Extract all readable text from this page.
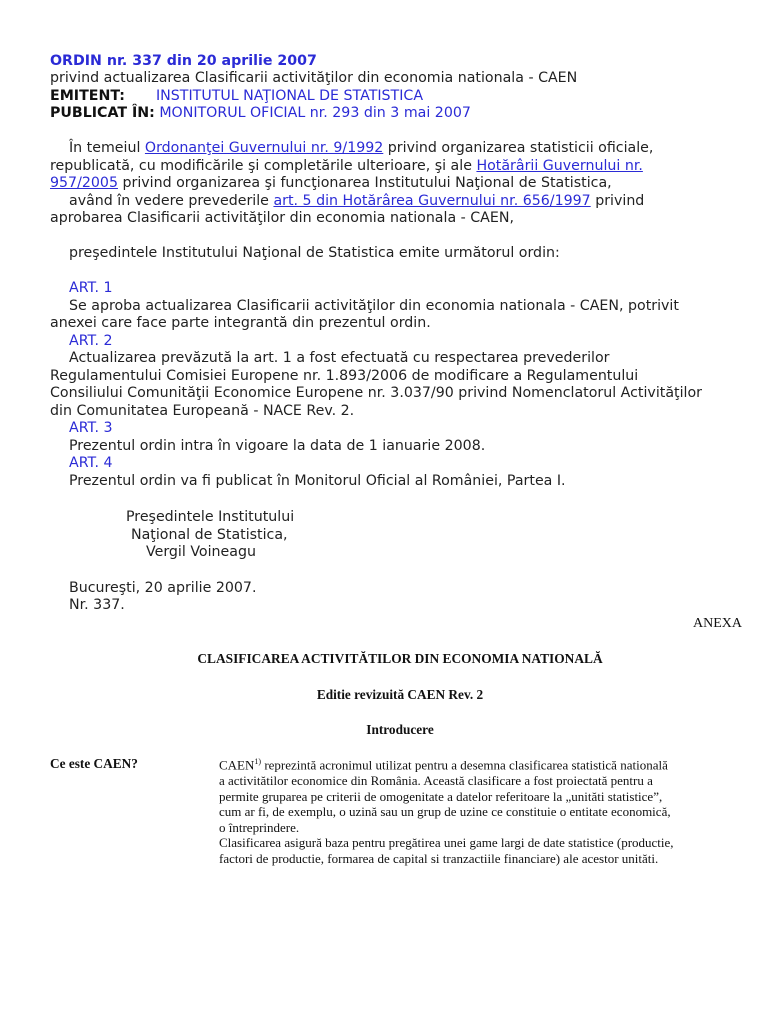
ORDIN nr. 337 din 20 aprilie 2007
privind actualizarea Clasificarii activităţilor din economia nationala - CAEN
EMITENT: INSTITUTUL NAŢIONAL DE STATISTICA
PUBLICAT ÎN: MONITORUL OFICIAL nr. 293 din 3 mai 2007
În temeiul Ordonanţei Guvernului nr. 9/1992 privind organizarea statisticii oficiale,
republicată, cu modificările şi completările ulterioare, şi ale Hotărârii Guvernului nr.
957/2005 privind organizarea şi funcţionarea Institutului Naţional de Statistica,
având în vedere prevederile art. 5 din Hotărârea Guvernului nr. 656/1997 privind
aprobarea Clasificarii activităţilor din economia nationala - CAEN,
preşedintele Institutului Naţional de Statistica emite următorul ordin:
ART. 1
Se aproba actualizarea Clasificarii activităţilor din economia nationala - CAEN, potrivit
anexei care face parte integrantă din prezentul ordin.
ART. 2
Actualizarea prevăzută la art. 1 a fost efectuată cu respectarea prevederilor
Regulamentului Comisiei Europene nr. 1.893/2006 de modificare a Regulamentului
Consiliului Comunităţii Economice Europene nr. 3.037/90 privind Nomenclatorul Activităţilor
din Comunitatea Europeană - NACE Rev. 2.
ART. 3
Prezentul ordin intra în vigoare la data de 1 ianuarie 2008.
ART. 4
Prezentul ordin va fi publicat în Monitorul Oficial al României, Partea I.
Preşedintele Institutului
Naţional de Statistica,
Vergil Voineagu
Bucureşti, 20 aprilie 2007.
Nr. 337.
ANEXA
CLASIFICAREA ACTIVITĂTILOR DIN ECONOMIA NATIONALĂ
Editie revizuită CAEN Rev. 2
Introducere
Ce este CAEN?	CAEN$^{1)}$ reprezintă acronimul utilizat pentru a desemna clasificarea statistică natională
a activitătilor economice din România. Această clasificare a fost proiectată pentru a
permite gruparea pe criterii de omogenitate a datelor referitoare la „unităti statistice”,
cum ar fi, de exemplu, o uzină sau un grup de uzine ce constituie o entitate economică,
o întreprindere.
Clasificarea asigură baza pentru pregătirea unei game largi de date statistice (productie,
factori de productie, formarea de capital si tranzactiile financiare) ale acestor unităti.
